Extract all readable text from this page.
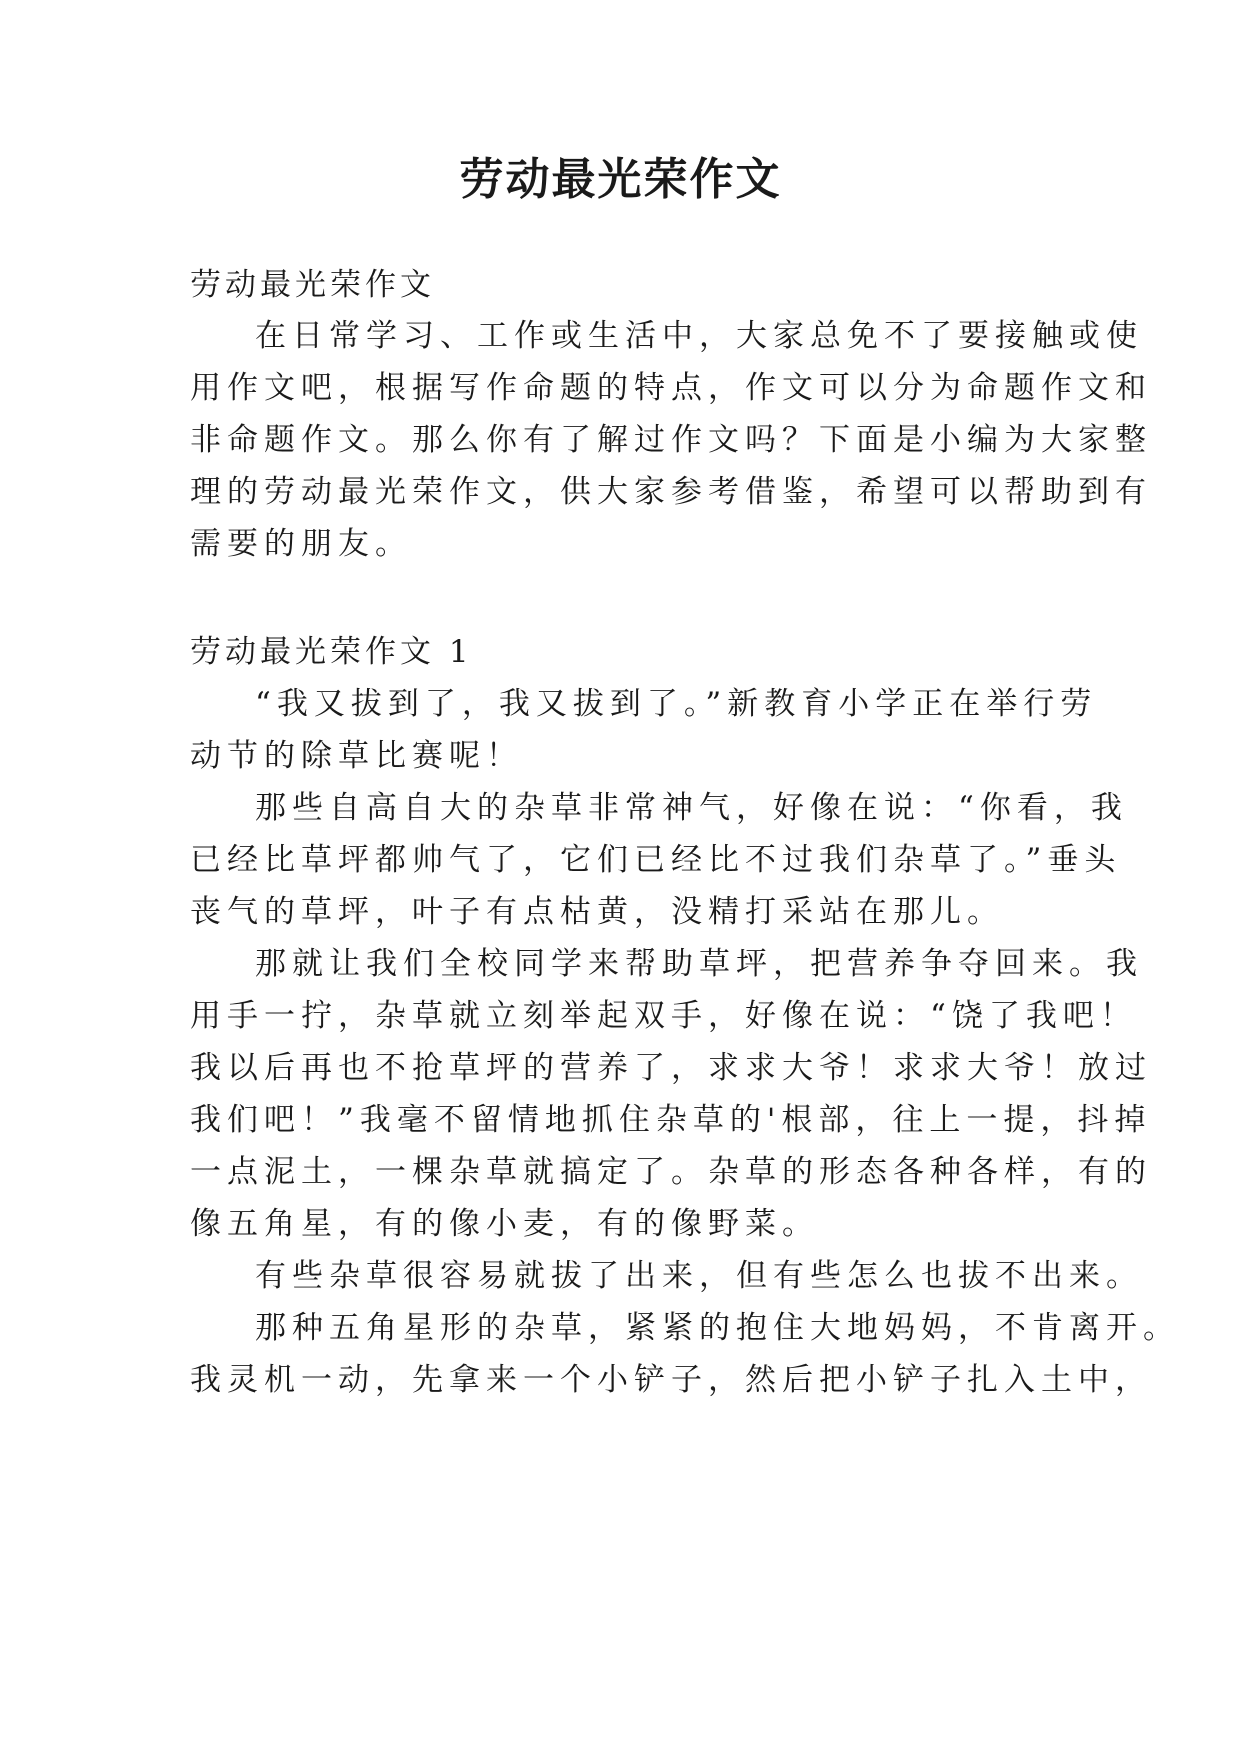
劳动最光荣作文

劳动最光荣作文

在日常学习、工作或生活中，大家总免不了要接触或使

用作文吧，根据写作命题的特点，作文可以分为命题作文和

非命题作文。那么你有了解过作文吗？下面是小编为大家整

理的劳动最光荣作文，供大家参考借鉴，希望可以帮助到有

需要的朋友。

劳动最光荣作文 1

“我又拔到了，我又拔到了。”新教育小学正在举行劳

动节的除草比赛呢！

那些自高自大的杂草非常神气，好像在说：“你看，我

已经比草坪都帅气了，它们已经比不过我们杂草了。”垂头

丧气的草坪，叶子有点枯黄，没精打采站在那儿。

那就让我们全校同学来帮助草坪，把营养争夺回来。我

用手一拧，杂草就立刻举起双手，好像在说：“饶了我吧！

我以后再也不抢草坪的营养了，求求大爷！求求大爷！放过

我们吧！”我毫不留情地抓住杂草的'根部，往上一提，抖掉

一点泥土，一棵杂草就搞定了。杂草的形态各种各样，有的

像五角星，有的像小麦，有的像野菜。

有些杂草很容易就拔了出来，但有些怎么也拔不出来。

那种五角星形的杂草，紧紧的抱住大地妈妈，不肯离开。

我灵机一动，先拿来一个小铲子，然后把小铲子扎入土中，
